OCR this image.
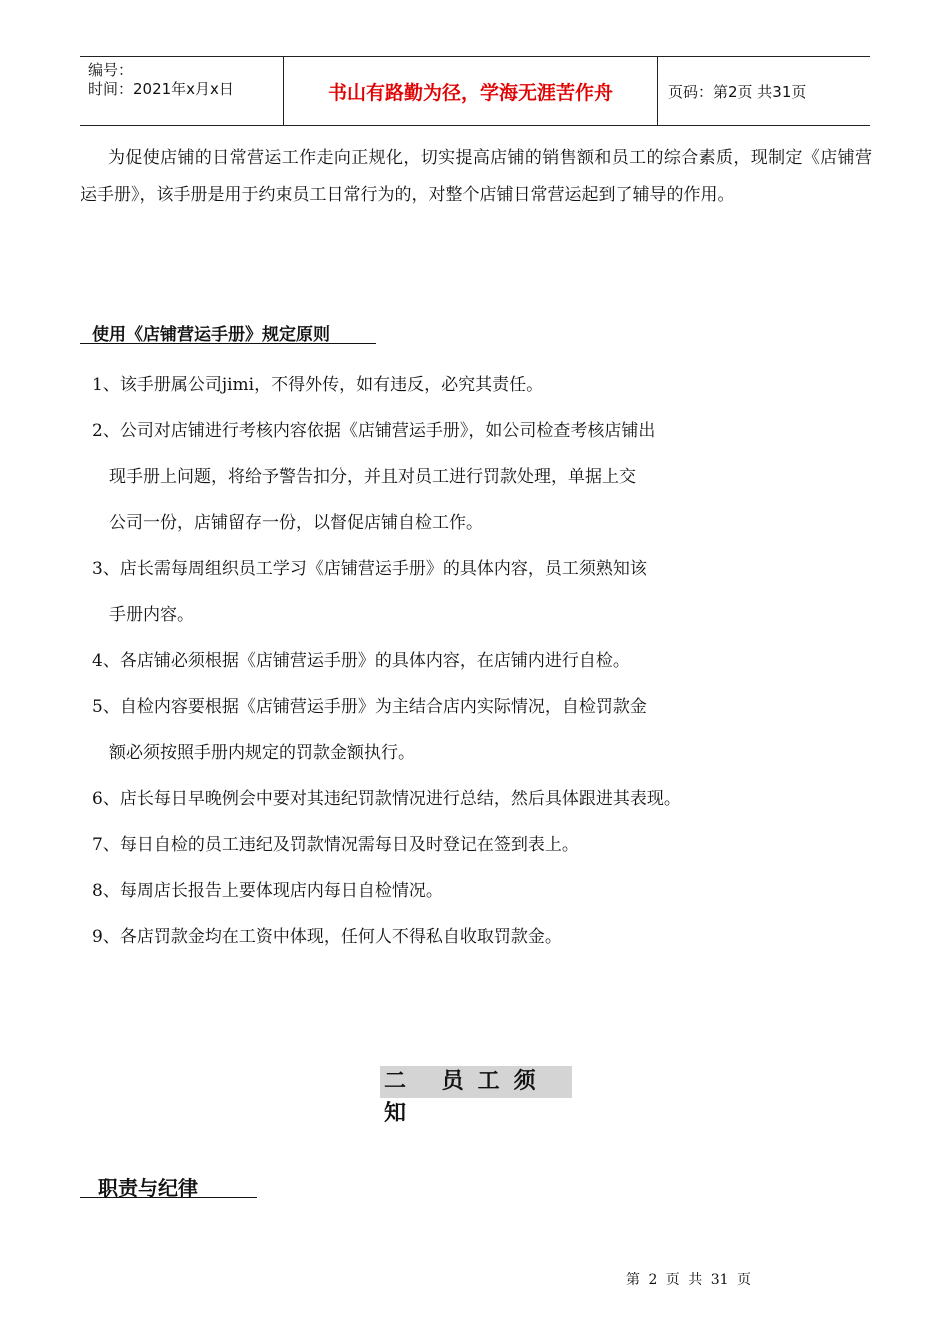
编号：
时间：2021年x月x日	书山有路勤为径，学海无涯苦作舟	页码：第2页 共31页

为促使店铺的日常营运工作走向正规化，切实提高店铺的销售额和员工的综合素质，现制定《店铺营运手册》，该手册是用于约束员工日常行为的，对整个店铺日常营运起到了辅导的作用。

使用《店铺营运手册》规定原则
1、该手册属公司jimi，不得外传，如有违反，必究其责任。
2、公司对店铺进行考核内容依据《店铺营运手册》，如公司检查考核店铺出
现手册上问题，将给予警告扣分，并且对员工进行罚款处理，单据上交
公司一份，店铺留存一份，以督促店铺自检工作。
3、店长需每周组织员工学习《店铺营运手册》的具体内容，员工须熟知该
手册内容。
4、各店铺必须根据《店铺营运手册》的具体内容，在店铺内进行自检。
5、自检内容要根据《店铺营运手册》为主结合店内实际情况，自检罚款金
额必须按照手册内规定的罚款金额执行。
6、店长每日早晚例会中要对其违纪罚款情况进行总结，然后具体跟进其表现。
7、每日自检的员工违纪及罚款情况需每日及时登记在签到表上。
8、每周店长报告上要体现店内每日自检情况。
9、各店罚款金均在工资中体现，任何人不得私自收取罚款金。
二 员工须知
职责与纪律
第 2 页 共 31 页
